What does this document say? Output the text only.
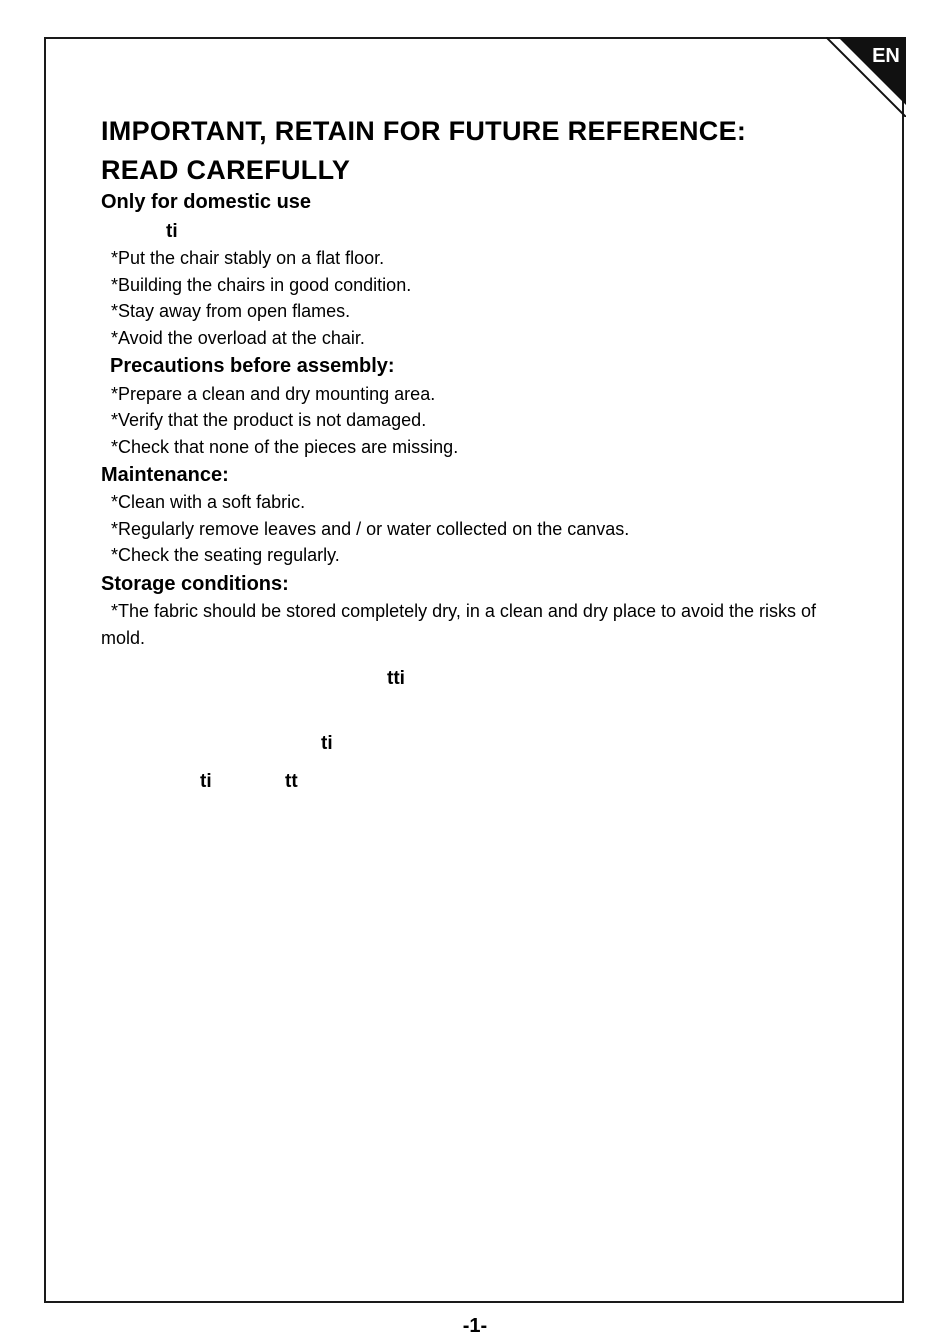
EN
IMPORTANT, RETAIN FOR FUTURE REFERENCE:
READ CAREFULLY
Only for domestic use
ti
*Put the chair stably on a flat floor.
*Building the chairs in good condition.
*Stay away from open flames.
*Avoid the overload at the chair.
Precautions before assembly:
*Prepare a clean and dry mounting area.
*Verify that the product is not damaged.
*Check that none of the pieces are missing.
Maintenance:
*Clean with a soft fabric.
*Regularly remove leaves and / or water collected on the canvas.
*Check the seating regularly.
Storage conditions:
*The fabric should be stored completely dry, in a clean and dry place to avoid the risks of mold.
tti
ti
ti	tt
-1-
